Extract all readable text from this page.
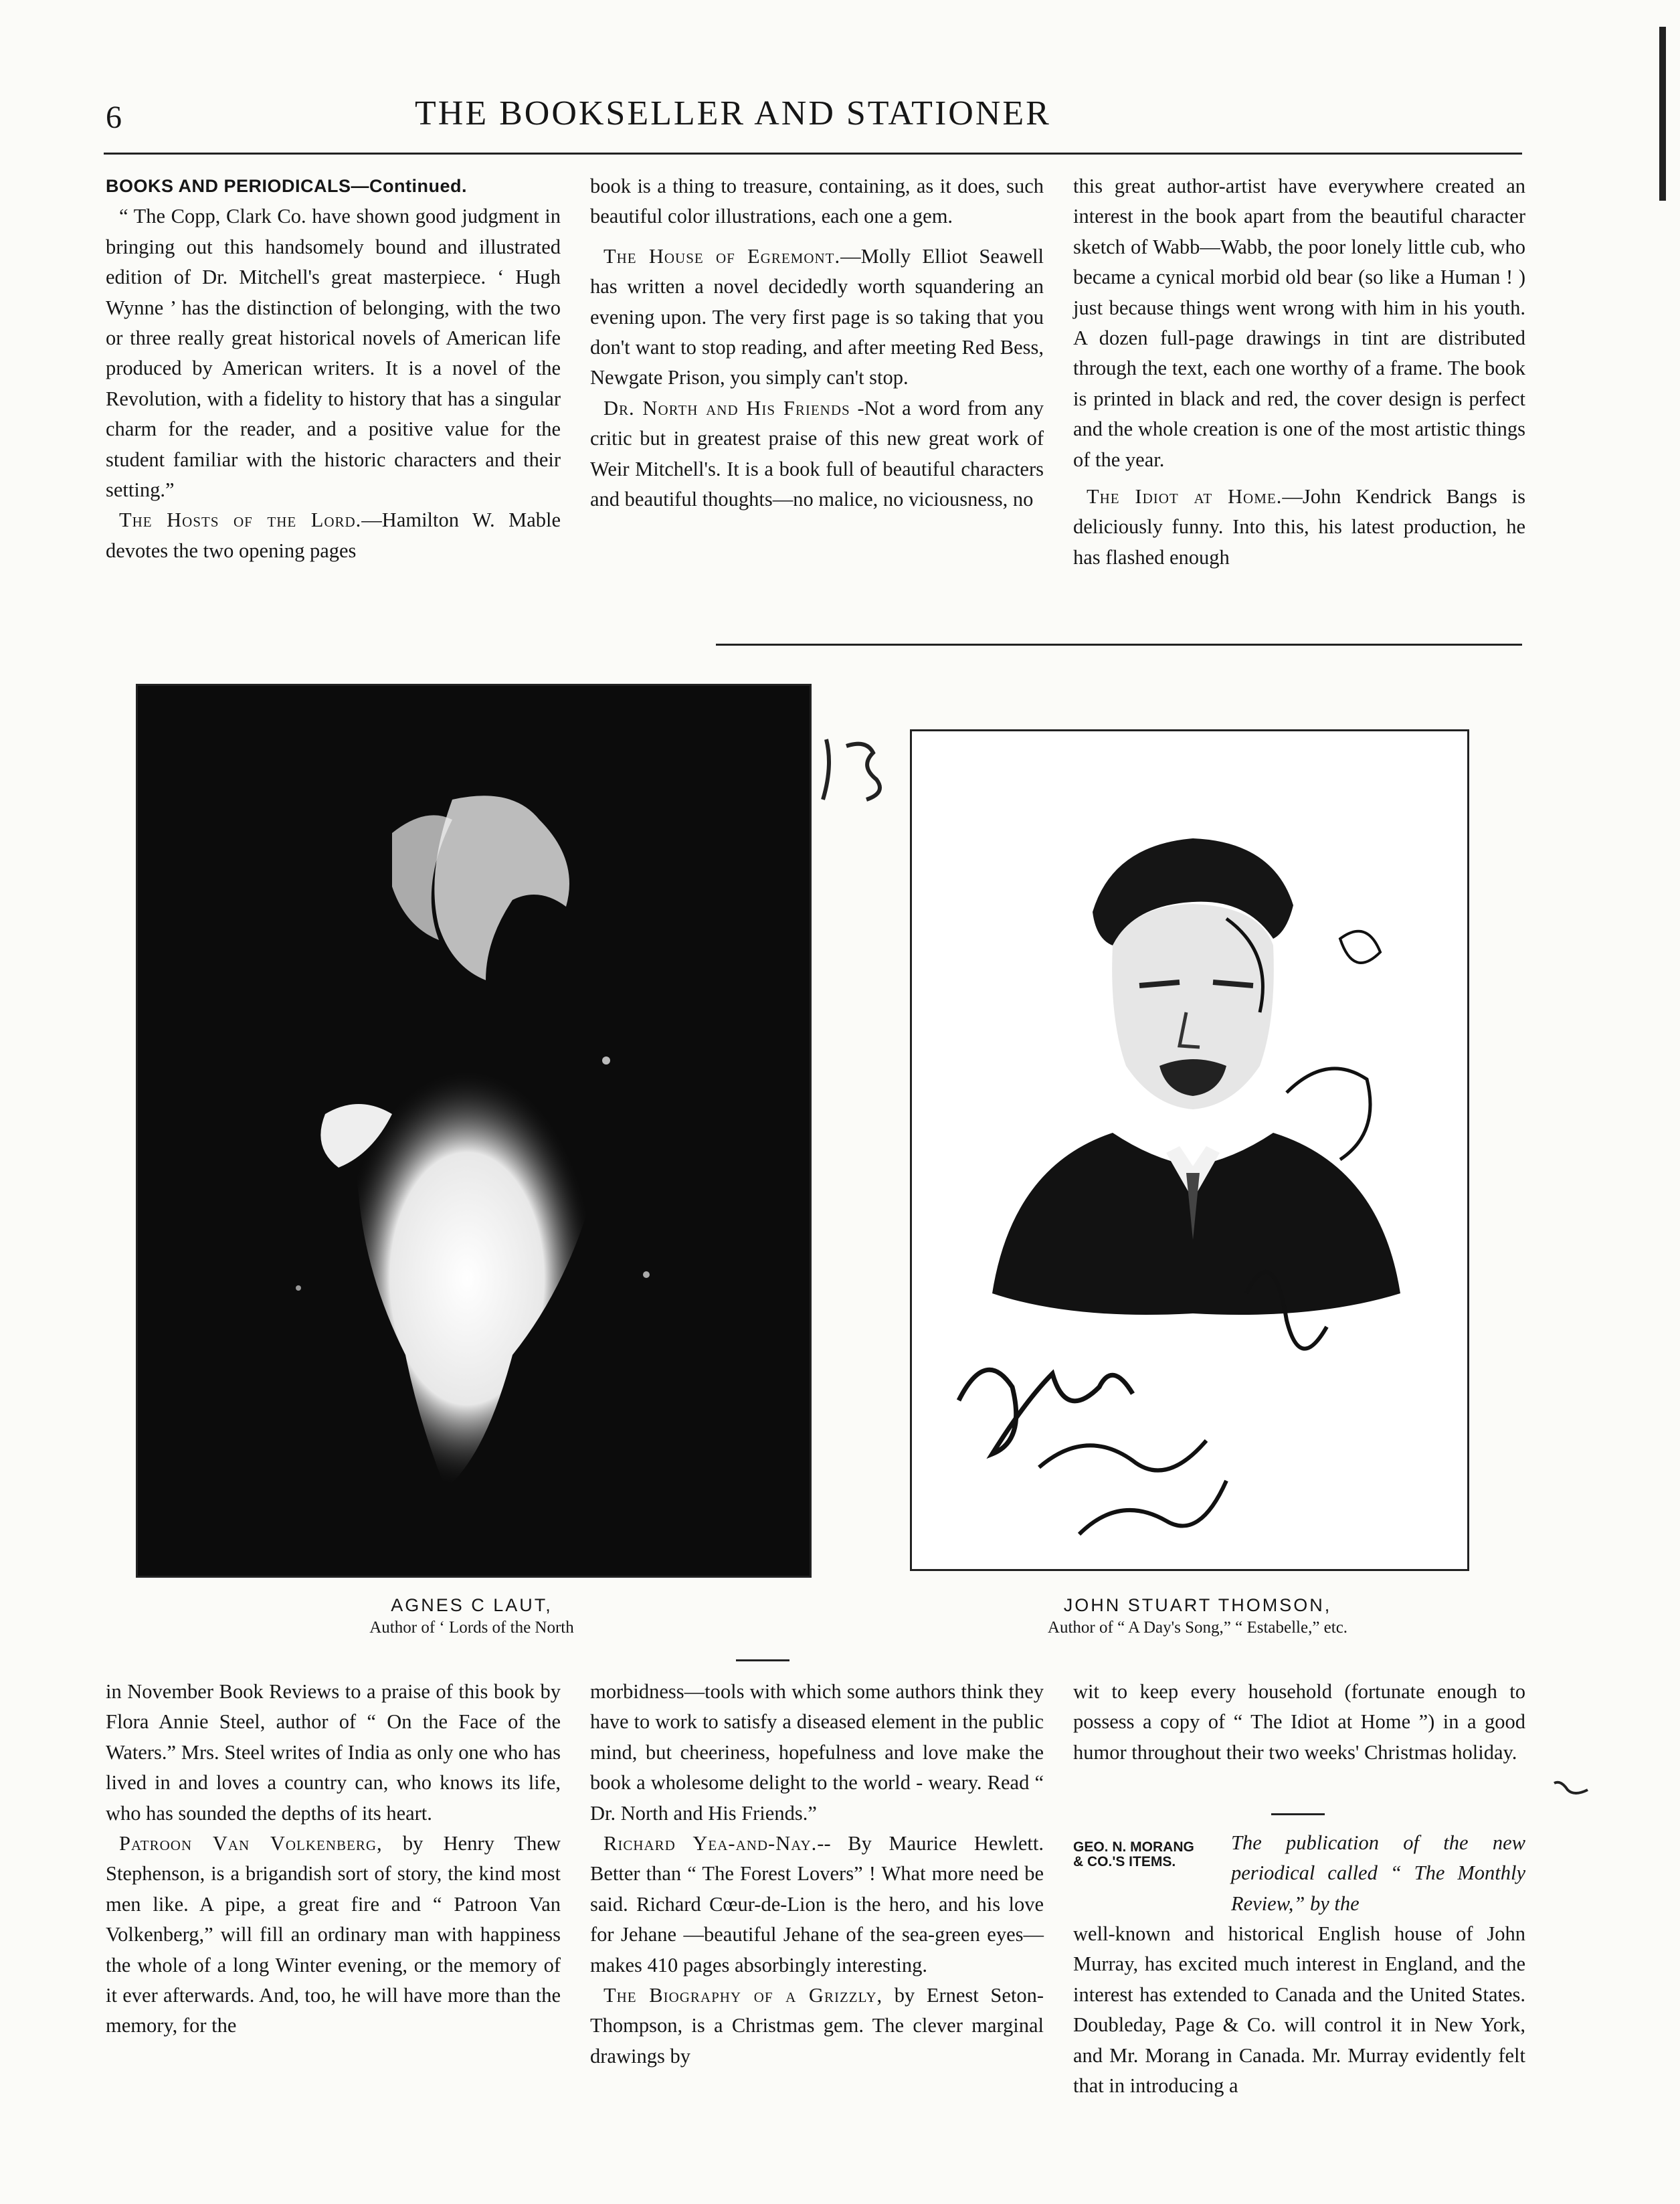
6	THE BOOKSELLER AND STATIONER

BOOKS AND PERIODICALS—Continued.

“ The Copp, Clark Co. have shown good judgment in bringing out this handsomely bound and illustrated edition of Dr. Mitchell's great masterpiece. ‘ Hugh Wynne ’ has the distinction of belonging, with the two or three really great historical novels of American life produced by American writers. It is a novel of the Revolution, with a fidelity to history that has a singular charm for the reader, and a positive value for the student familiar with the historic characters and their setting.”

The Hosts of the Lord.—Hamilton W. Mable devotes the two opening pages

book is a thing to treasure, containing, as it does, such beautiful color illustrations, each one a gem.

The House of Egremont.—Molly Elliot Seawell has written a novel decidedly worth squandering an evening upon. The very first page is so taking that you don't want to stop reading, and after meeting Red Bess, Newgate Prison, you simply can't stop.

Dr. North and His Friends -Not a word from any critic but in greatest praise of this new great work of Weir Mitchell's. It is a book full of beautiful characters and beautiful thoughts—no malice, no viciousness, no

this great author-artist have everywhere created an interest in the book apart from the beautiful character sketch of Wabb—Wabb, the poor lonely little cub, who became a cynical morbid old bear (so like a Human ! ) just because things went wrong with him in his youth. A dozen full-page drawings in tint are distributed through the text, each one worthy of a frame. The book is printed in black and red, the cover design is perfect and the whole creation is one of the most artistic things of the year.

The Idiot at Home.—John Kendrick Bangs is deliciously funny. Into this, his latest production, he has flashed enough

AGNES C LAUT,
Author of ‘ Lords of the North
JOHN STUART THOMSON,
Author of “ A Day's Song,” “ Estabelle,” etc.

in November Book Reviews to a praise of this book by Flora Annie Steel, author of “ On the Face of the Waters.” Mrs. Steel writes of India as only one who has lived in and loves a country can, who knows its life, who has sounded the depths of its heart.

Patroon Van Volkenberg, by Henry Thew Stephenson, is a brigandish sort of story, the kind most men like. A pipe, a great fire and “ Patroon Van Volkenberg,” will fill an ordinary man with happiness the whole of a long Winter evening, or the memory of it ever afterwards. And, too, he will have more than the memory, for the

morbidness—tools with which some authors think they have to work to satisfy a diseased element in the public mind, but cheeriness, hopefulness and love make the book a wholesome delight to the world - weary. Read “ Dr. North and His Friends.”

Richard Yea-and-Nay.-- By Maurice Hewlett. Better than “ The Forest Lovers” ! What more need be said. Richard Cœur-de-Lion is the hero, and his love for Jehane —beautiful Jehane of the sea-green eyes— makes 410 pages absorbingly interesting.

The Biography of a Grizzly, by Ernest Seton-Thompson, is a Christmas gem. The clever marginal drawings by

wit to keep every household (fortunate enough to possess a copy of “ The Idiot at Home ”) in a good humor throughout their two weeks' Christmas holiday.

GEO. N. MORANG & CO.'S ITEMS.
The publication of the new periodical called “ The Monthly Review,” by the
well-known and historical English house of John Murray, has excited much interest in England, and the interest has extended to Canada and the United States. Doubleday, Page & Co. will control it in New York, and Mr. Morang in Canada. Mr. Murray evidently felt that in introducing a
